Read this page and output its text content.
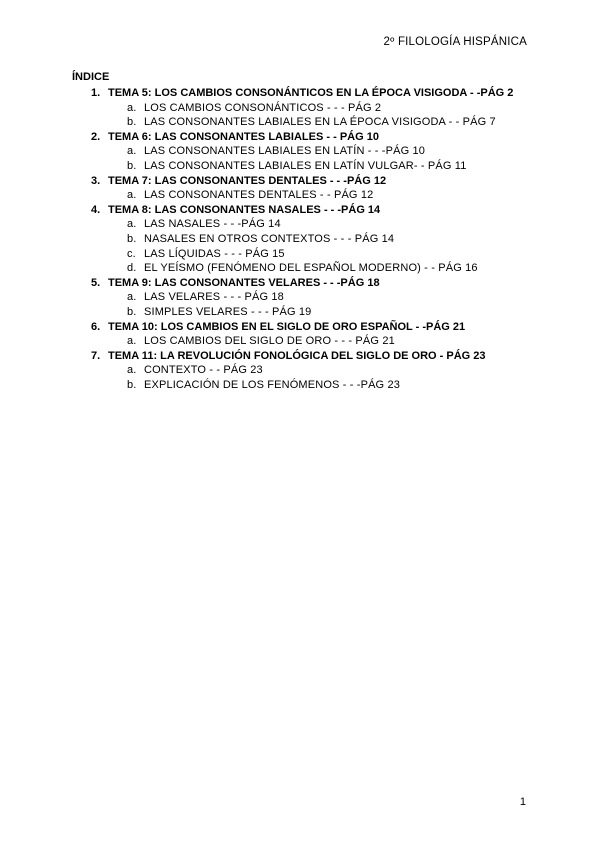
2º FILOLOGÍA HISPÁNICA
ÍNDICE
1. TEMA 5: LOS CAMBIOS CONSONÁNTICOS EN LA ÉPOCA VISIGODA - -PÁG 2
a. LOS CAMBIOS CONSONÁNTICOS - - - PÁG 2
b. LAS CONSONANTES LABIALES EN LA ÉPOCA VISIGODA - - PÁG 7
2. TEMA 6: LAS CONSONANTES LABIALES - - PÁG 10
a. LAS CONSONANTES LABIALES EN LATÍN - - -PÁG 10
b. LAS CONSONANTES LABIALES EN LATÍN VULGAR- - PÁG 11
3. TEMA 7: LAS CONSONANTES DENTALES - - -PÁG 12
a. LAS CONSONANTES DENTALES - - PÁG 12
4. TEMA 8: LAS CONSONANTES NASALES - - -PÁG 14
a. LAS NASALES - - -PÁG 14
b. NASALES EN OTROS CONTEXTOS - - - PÁG 14
c. LAS LÍQUIDAS - - - PÁG 15
d. EL YEÍSMO (FENÓMENO DEL ESPAÑOL MODERNO) - - PÁG 16
5. TEMA 9: LAS CONSONANTES VELARES - - -PÁG 18
a. LAS VELARES - - - PÁG 18
b. SIMPLES VELARES - - - PÁG 19
6. TEMA 10: LOS CAMBIOS EN EL SIGLO DE ORO ESPAÑOL - -PÁG 21
a. LOS CAMBIOS DEL SIGLO DE ORO - - - PÁG 21
7. TEMA 11: LA REVOLUCIÓN FONOLÓGICA DEL SIGLO DE ORO - PÁG 23
a. CONTEXTO - - PÁG 23
b. EXPLICACIÓN DE LOS FENÓMENOS - - -PÁG 23
1
